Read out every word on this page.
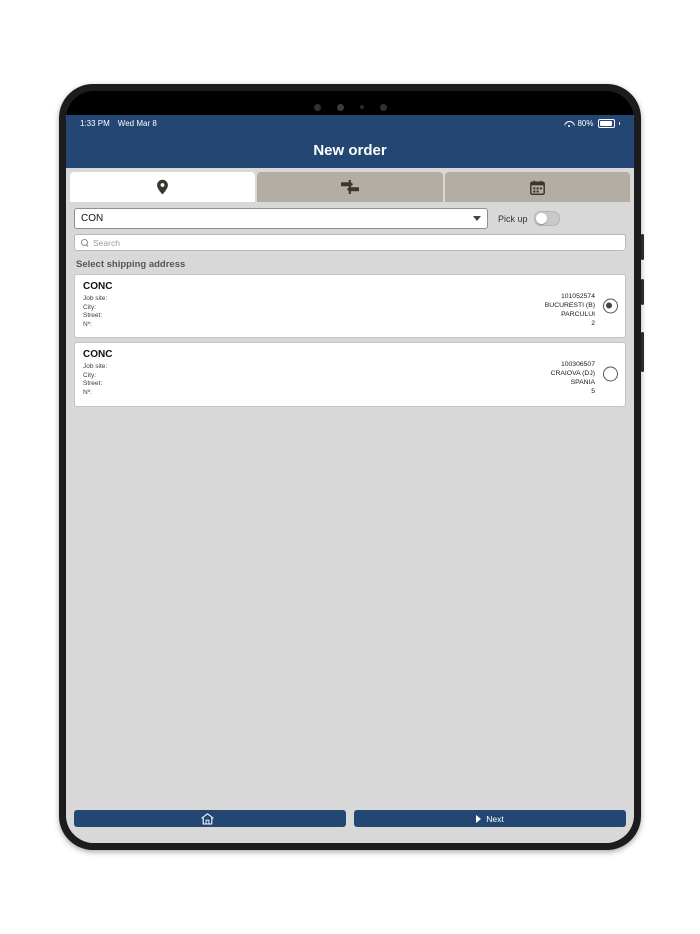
1:33 PM Wed Mar 8	80%
New order
CON	Pick up
Search
Select shipping address
CONC
Job site:
City:
Street:
Nº:
101052574
BUCURESTI (B)
PARCULUI
2
CONC
Job site:
City:
Street:
Nº:
100306507
CRAIOVA (DJ)
SPANIA
5
Next
